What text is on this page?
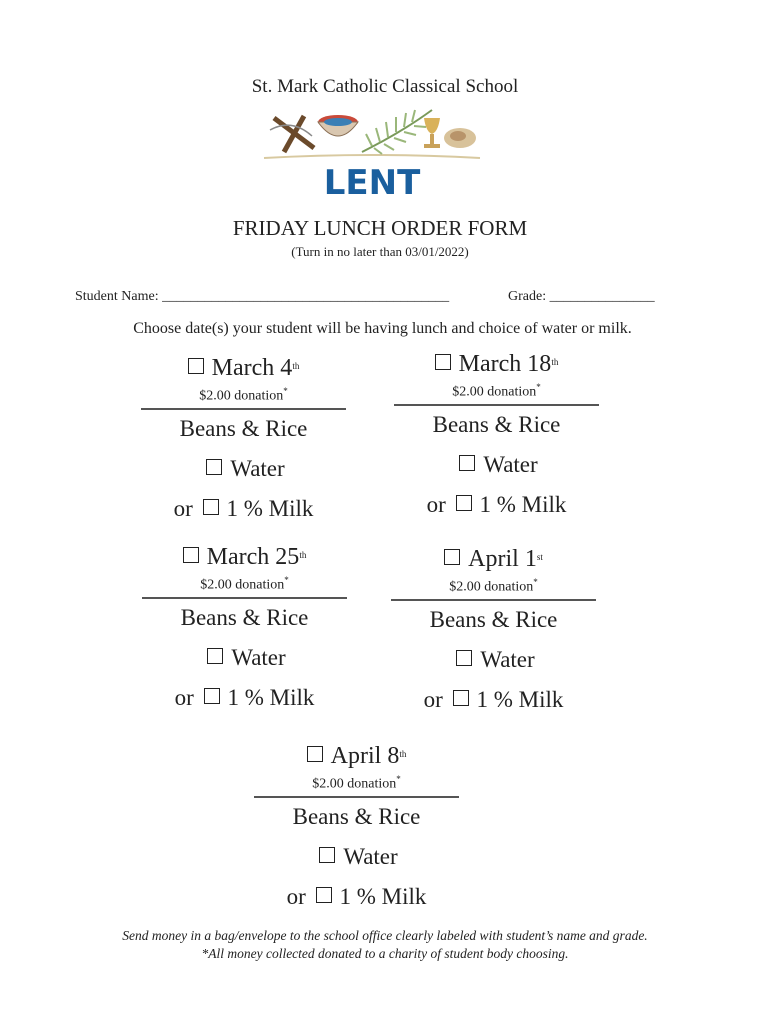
St. Mark Catholic Classical School
LENT
FRIDAY LUNCH ORDER FORM
(Turn in no later than 03/01/2022)
Student Name: _________________________________________	Grade: _______________
Choose date(s) your student will be having lunch and choice of water or milk.
March 4th
$2.00 donation*
Beans & Rice
Water
or 1 % Milk
March 18th
$2.00 donation*
Beans & Rice
Water
or 1 % Milk
March 25th
$2.00 donation*
Beans & Rice
Water
or 1 % Milk
April 1st
$2.00 donation*
Beans & Rice
Water
or 1 % Milk
April 8th
$2.00 donation*
Beans & Rice
Water
or 1 % Milk
Send money in a bag/envelope to the school office clearly labeled with student’s name and grade.
*All money collected donated to a charity of student body choosing.
